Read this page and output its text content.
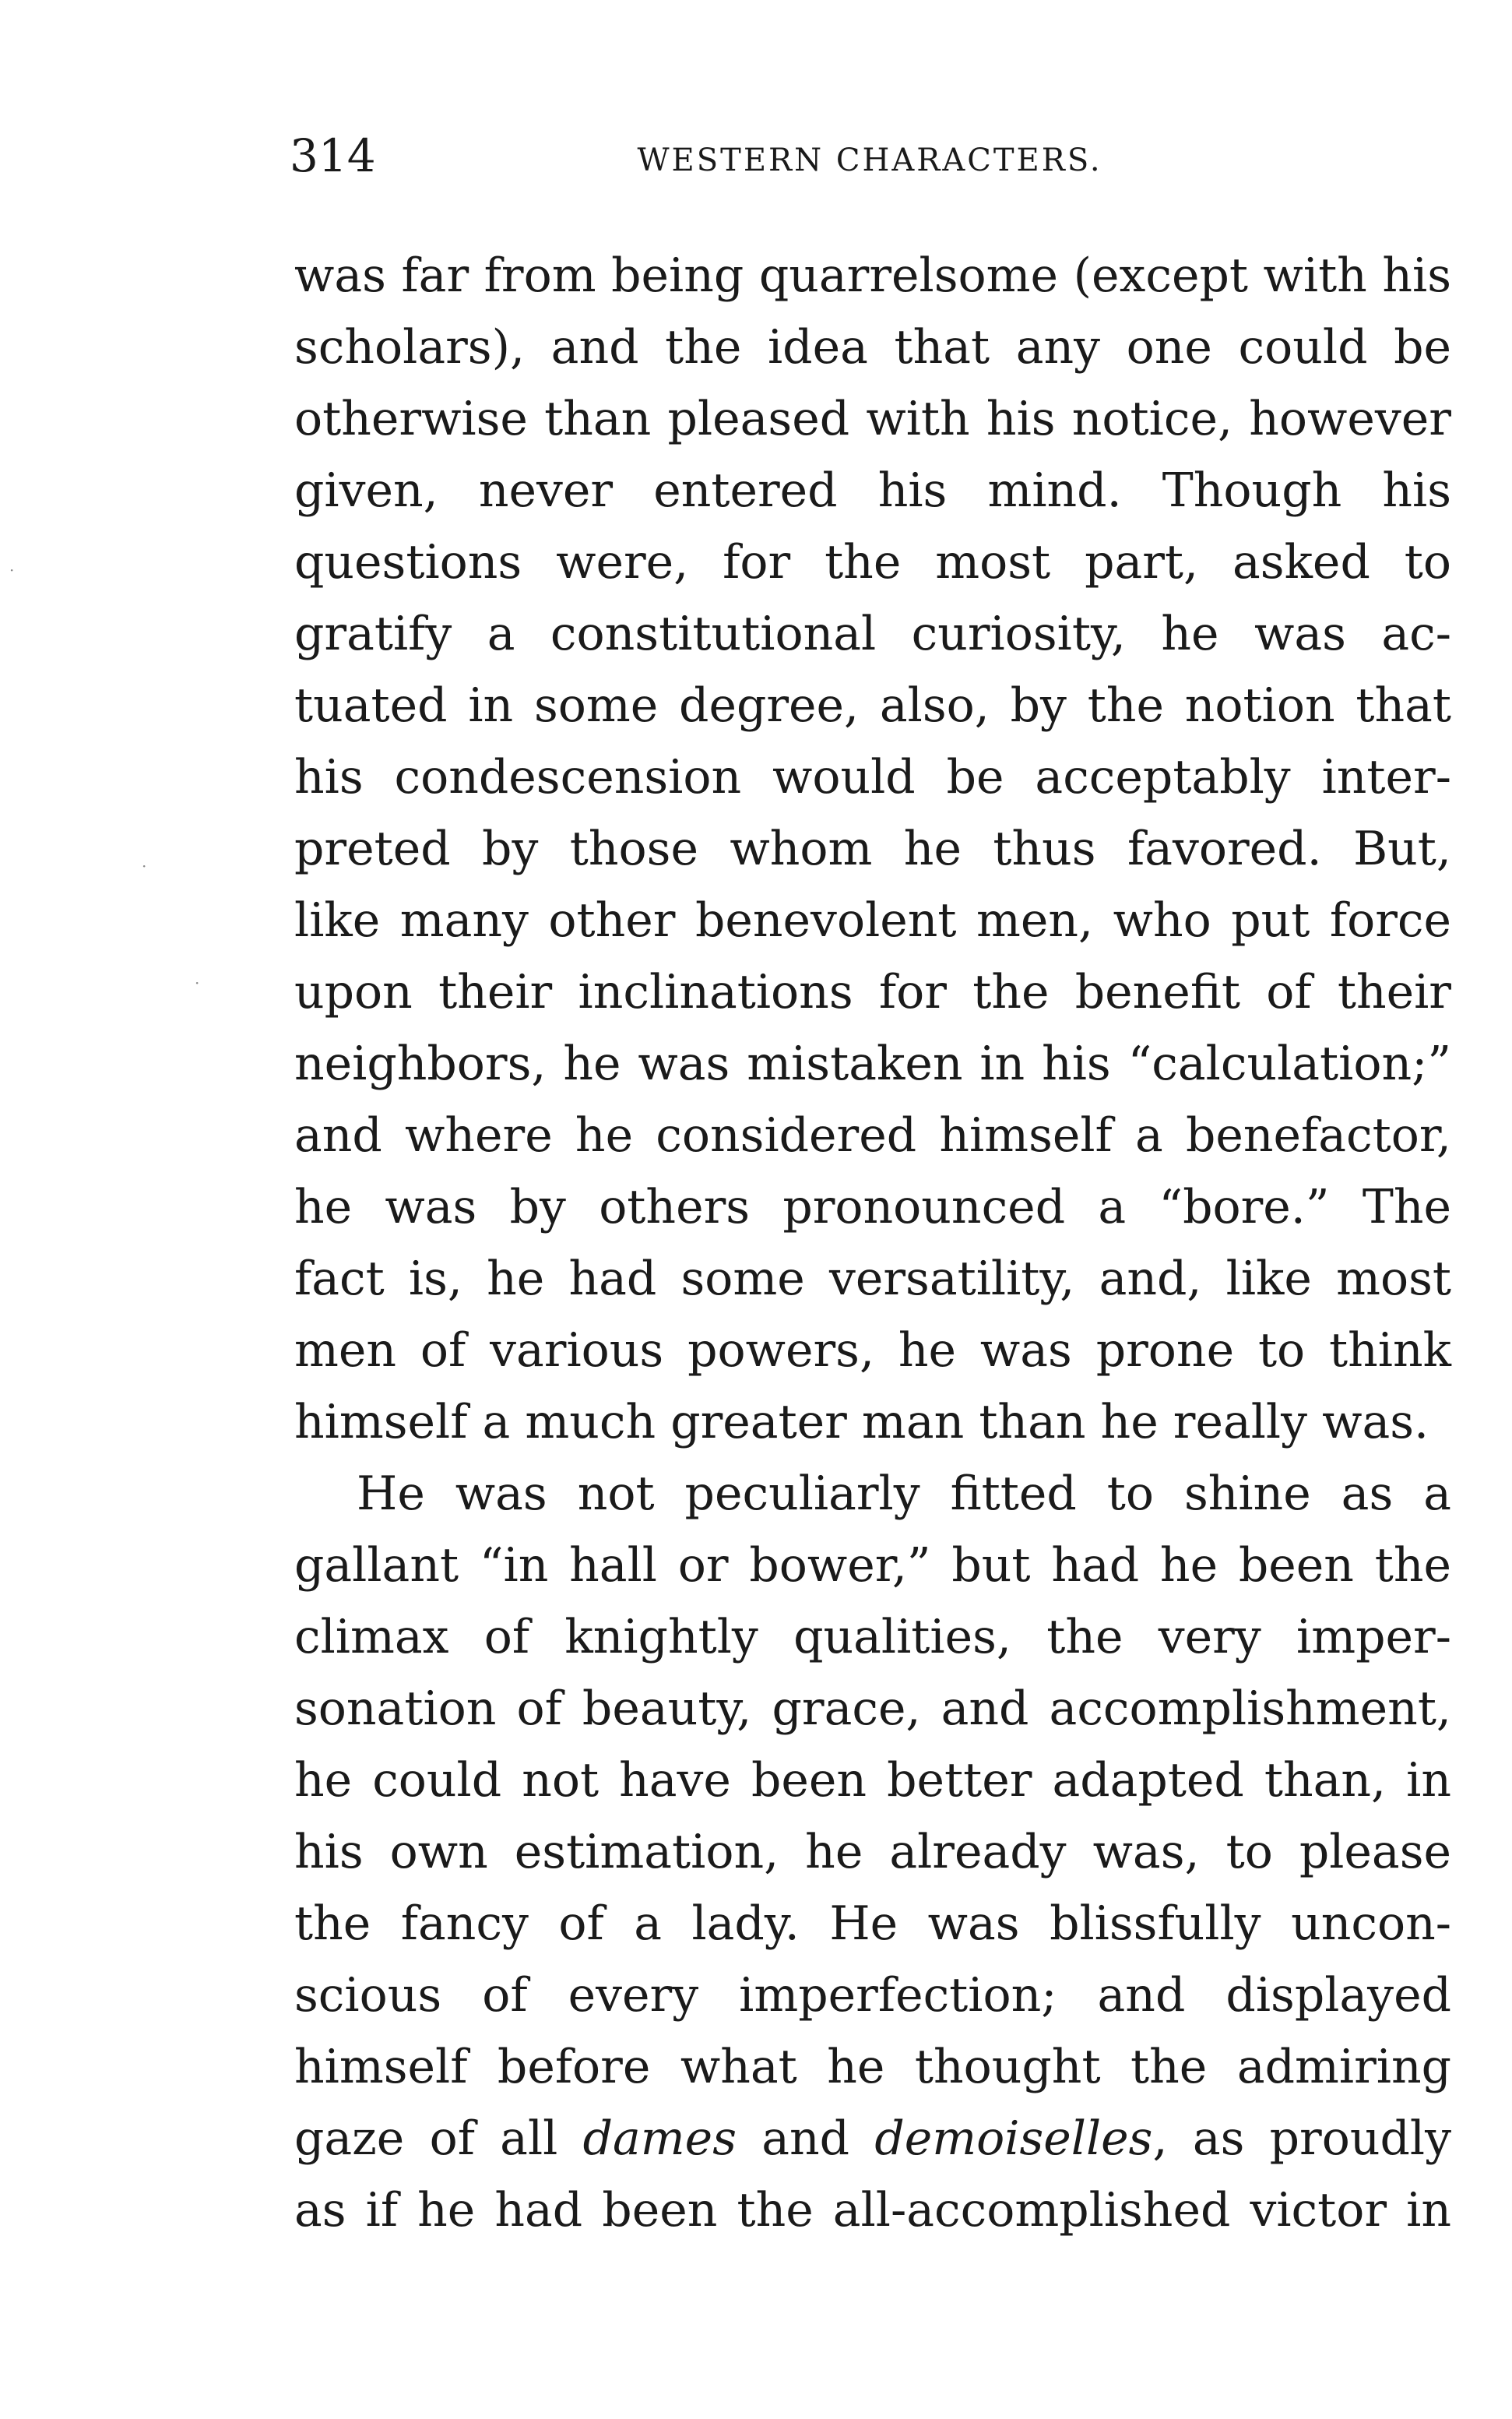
314	WESTERN CHARACTERS.
was far from being quarrelsome (except with his
scholars), and the idea that any one could be
otherwise than pleased with his notice, however
given, never entered his mind. Though his
questions were, for the most part, asked to
gratify a constitutional curiosity, he was ac-
tuated in some degree, also, by the notion that
his condescension would be acceptably inter-
preted by those whom he thus favored. But,
like many other benevolent men, who put force
upon their inclinations for the benefit of their
neighbors, he was mistaken in his “calculation;”
and where he considered himself a benefactor,
he was by others pronounced a “bore.” The
fact is, he had some versatility, and, like most
men of various powers, he was prone to think
himself a much greater man than he really was.
He was not peculiarly fitted to shine as a
gallant “in hall or bower,” but had he been the
climax of knightly qualities, the very imper-
sonation of beauty, grace, and accomplishment,
he could not have been better adapted than, in
his own estimation, he already was, to please
the fancy of a lady. He was blissfully uncon-
scious of every imperfection; and displayed
himself before what he thought the admiring
gaze of all dames and demoiselles, as proudly
as if he had been the all-accomplished victor in
·
·
·
